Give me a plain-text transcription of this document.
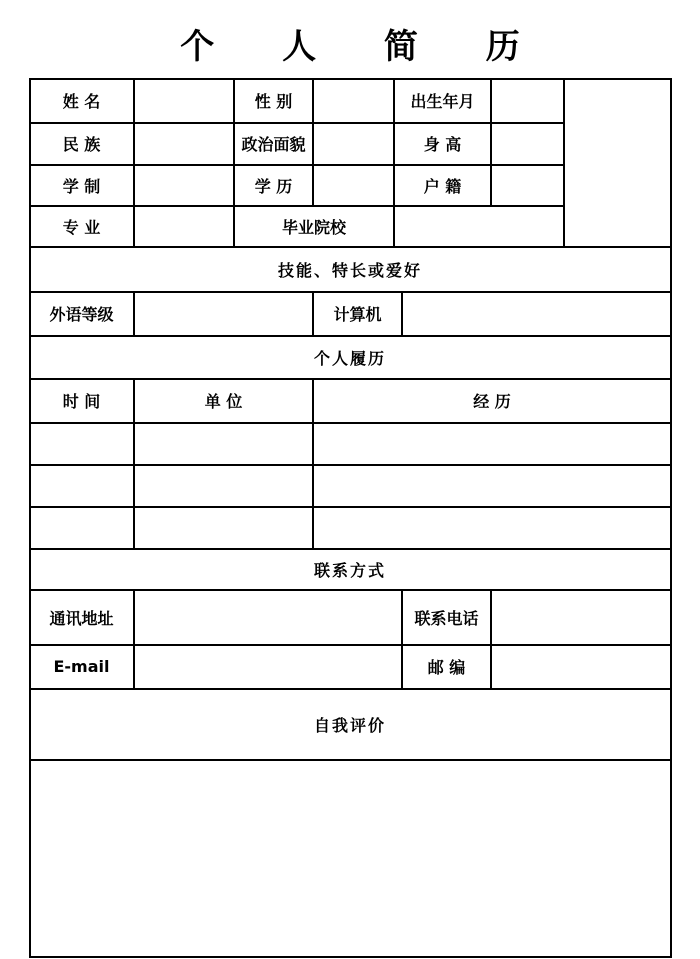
个 人 简 历
姓 名	性 别	出生年月
民 族	政治面貌	身 高
学 制	学 历	户 籍
专 业	毕业院校
技能、特长或爱好
外语等级	计算机
个人履历
时 间	单 位	经 历
联系方式
通讯地址	联系电话
E-mail	邮 编
自我评价
